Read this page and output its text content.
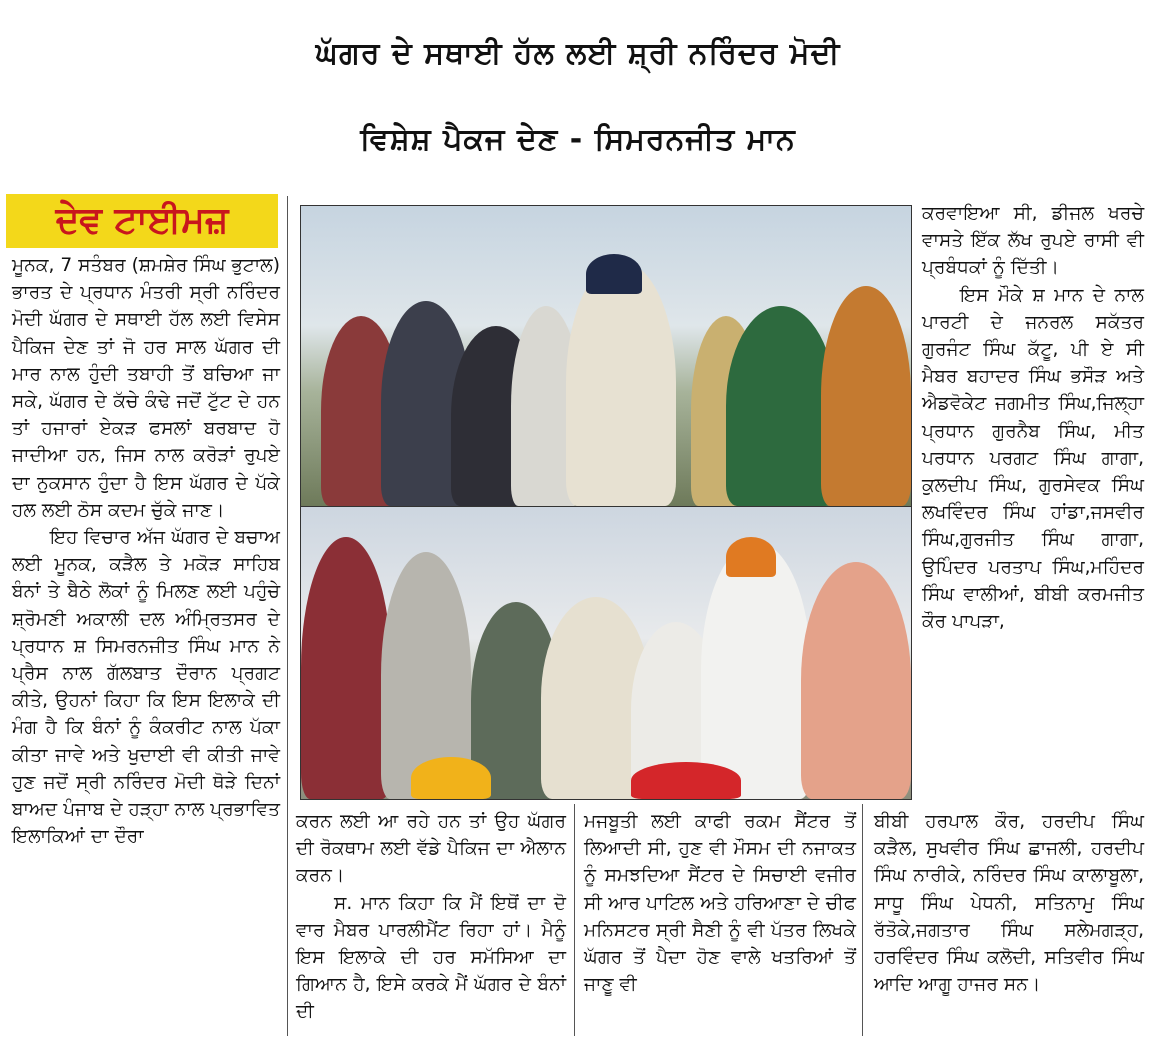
ਘੱਗਰ ਦੇ ਸਥਾਈ ਹੱਲ ਲਈ ਸ਼੍ਰੀ ਨਰਿੰਦਰ ਮੋਦੀ
ਵਿਸ਼ੇਸ਼ ਪੈਕਜ ਦੇਣ - ਸਿਮਰਨਜੀਤ ਮਾਨ
ਦੇਵ ਟਾਈਮਜ਼

ਮੂਨਕ, 7 ਸਤੰਬਰ (ਸ਼ਮਸ਼ੇਰ ਸਿੰਘ ਭੁਟਾਲ) ਭਾਰਤ ਦੇ ਪ੍ਰਧਾਨ ਮੰਤਰੀ ਸ੍ਰੀ ਨਰਿੰਦਰ ਮੋਦੀ ਘੱਗਰ ਦੇ ਸਥਾਈ ਹੱਲ ਲਈ ਵਿਸੇਸ ਪੈਕਿਜ ਦੇਣ ਤਾਂ ਜੋ ਹਰ ਸਾਲ ਘੱਗਰ ਦੀ ਮਾਰ ਨਾਲ ਹੁੰਦੀ ਤਬਾਹੀ ਤੋਂ ਬਚਿਆ ਜਾ ਸਕੇ, ਘੱਗਰ ਦੇ ਕੱਚੇ ਕੰਢੇ ਜਦੋਂ ਟੁੱਟ ਦੇ ਹਨ ਤਾਂ ਹਜਾਰਾਂ ਏਕੜ ਫਸਲਾਂ ਬਰਬਾਦ ਹੋ ਜਾਦੀਆ ਹਨ, ਜਿਸ ਨਾਲ ਕਰੋੜਾਂ ਰੁਪਏ ਦਾ ਨੁਕਸਾਨ ਹੁੰਦਾ ਹੈ ਇਸ ਘੱਗਰ ਦੇ ਪੱਕੇ ਹਲ ਲਈ ਠੋਸ ਕਦਮ ਚੁੱਕੇ ਜਾਣ।

ਇਹ ਵਿਚਾਰ ਅੱਜ ਘੱਗਰ ਦੇ ਬਚਾਅ ਲਈ ਮੂਨਕ, ਕੜੈਲ ਤੇ ਮਕੋੜ ਸਾਹਿਬ ਬੰਨਾਂ ਤੇ ਬੈਠੇ ਲੋਕਾਂ ਨੂੰ ਮਿਲਣ ਲਈ ਪਹੁੰਚੇ ਸ਼੍ਰੋਮਣੀ ਅਕਾਲੀ ਦਲ ਅੰਮ੍ਰਿਤਸਰ ਦੇ ਪ੍ਰਧਾਨ ਸ਼ ਸਿਮਰਨਜੀਤ ਸਿੰਘ ਮਾਨ ਨੇ ਪ੍ਰੈਸ ਨਾਲ ਗੱਲਬਾਤ ਦੌਰਾਨ ਪ੍ਰਗਟ ਕੀਤੇ, ਉਹਨਾਂ ਕਿਹਾ ਕਿ ਇਸ ਇਲਾਕੇ ਦੀ ਮੰਗ ਹੈ ਕਿ ਬੰਨਾਂ ਨੂੰ ਕੰਕਰੀਟ ਨਾਲ ਪੱਕਾ ਕੀਤਾ ਜਾਵੇ ਅਤੇ ਖੁਦਾਈ ਵੀ ਕੀਤੀ ਜਾਵੇ ਹੁਣ ਜਦੋਂ ਸ੍ਰੀ ਨਰਿੰਦਰ ਮੋਦੀ ਥੋੜੇ ਦਿਨਾਂ ਬਾਅਦ ਪੰਜਾਬ ਦੇ ਹੜ੍ਹਾ ਨਾਲ ਪ੍ਰਭਾਵਿਤ ਇਲਾਕਿਆਂ ਦਾ ਦੌਰਾ

ਕਰਵਾਇਆ ਸੀ, ਡੀਜਲ ਖਰਚੇ ਵਾਸਤੇ ਇੱਕ ਲੱਖ ਰੁਪਏ ਰਾਸੀ ਵੀ ਪ੍ਰਬੰਧਕਾਂ ਨੂੰ ਦਿੱਤੀ।

ਇਸ ਮੌਕੇ ਸ਼ ਮਾਨ ਦੇ ਨਾਲ ਪਾਰਟੀ ਦੇ ਜਨਰਲ ਸਕੱਤਰ ਗੁਰਜੰਟ ਸਿੰਘ ਕੱਟੂ, ਪੀ ਏ ਸੀ ਮੈਬਰ ਬਹਾਦਰ ਸਿੰਘ ਭਸੌੜ ਅਤੇ ਐਡਵੋਕੇਟ ਜਗਮੀਤ ਸਿੰਘ,ਜਿਲ੍ਹਾ ਪ੍ਰਧਾਨ ਗੁਰਨੈਬ ਸਿੰਘ, ਮੀਤ ਪਰਧਾਨ ਪਰਗਟ ਸਿੰਘ ਗਾਗਾ, ਕੁਲਦੀਪ ਸਿੰਘ, ਗੁਰਸੇਵਕ ਸਿੰਘ ਲਖਵਿੰਦਰ ਸਿੰਘ ਹਾਂਡਾ,ਜਸਵੀਰ ਸਿੰਘ,ਗੁਰਜੀਤ ਸਿੰਘ ਗਾਗਾ, ਉਪਿੰਦਰ ਪਰਤਾਪ ਸਿੰਘ,ਮਹਿੰਦਰ ਸਿੰਘ ਵਾਲੀਆਂ, ਬੀਬੀ ਕਰਮਜੀਤ ਕੌਰ ਪਾਪੜਾ,

ਕਰਨ ਲਈ ਆ ਰਹੇ ਹਨ ਤਾਂ ਉਹ ਘੱਗਰ ਦੀ ਰੋਕਥਾਮ ਲਈ ਵੱਡੇ ਪੈਕਿਜ ਦਾ ਐਲਾਨ ਕਰਨ।

ਸ. ਮਾਨ ਕਿਹਾ ਕਿ ਮੈਂ ਇਥੋਂ ਦਾ ਦੋ ਵਾਰ ਮੈਬਰ ਪਾਰਲੀਮੈਂਟ ਰਿਹਾ ਹਾਂ। ਮੈਨੂੰ ਇਸ ਇਲਾਕੇ ਦੀ ਹਰ ਸਮੱਸਿਆ ਦਾ ਗਿਆਨ ਹੈ, ਇਸੇ ਕਰਕੇ ਮੈਂ ਘੱਗਰ ਦੇ ਬੰਨਾਂ ਦੀ

ਮਜਬੂਤੀ ਲਈ ਕਾਫੀ ਰਕਮ ਸੈਂਟਰ ਤੋਂ ਲਿਆਦੀ ਸੀ, ਹੁਣ ਵੀ ਮੌਸਮ ਦੀ ਨਜਾਕਤ ਨੂੰ ਸਮਝਦਿਆ ਸੈਂਟਰ ਦੇ ਸਿਚਾਈ ਵਜੀਰ ਸੀ ਆਰ ਪਾਟਿਲ ਅਤੇ ਹਰਿਆਣਾ ਦੇ ਚੀਫ ਮਨਿਸਟਰ ਸ੍ਰੀ ਸੈਣੀ ਨੂੰ ਵੀ ਪੱਤਰ ਲਿਖਕੇ ਘੱਗਰ ਤੋਂ ਪੈਦਾ ਹੋਣ ਵਾਲੇ ਖਤਰਿਆਂ ਤੋਂ ਜਾਣੂ ਵੀ

ਬੀਬੀ ਹਰਪਾਲ ਕੌਰ, ਹਰਦੀਪ ਸਿੰਘ ਕੜੈਲ, ਸੁਖਵੀਰ ਸਿੰਘ ਛਾਜਲੀ, ਹਰਦੀਪ ਸਿੰਘ ਨਾਰੀਕੇ, ਨਰਿੰਦਰ ਸਿੰਘ ਕਾਲਾਬੂਲਾ, ਸਾਧੂ ਸਿੰਘ ਪੇਧਨੀ, ਸਤਿਨਾਮੁ ਸਿੰਘ ਰੱਤੋਕੇ,ਜਗਤਾਰ ਸਿੰਘ ਸਲੇਮਗੜ੍ਹ, ਹਰਵਿੰਦਰ ਸਿੰਘ ਕਲੋਦੀ, ਸਤਿਵੀਰ ਸਿੰਘ ਆਦਿ ਆਗੂ ਹਾਜਰ ਸਨ।
